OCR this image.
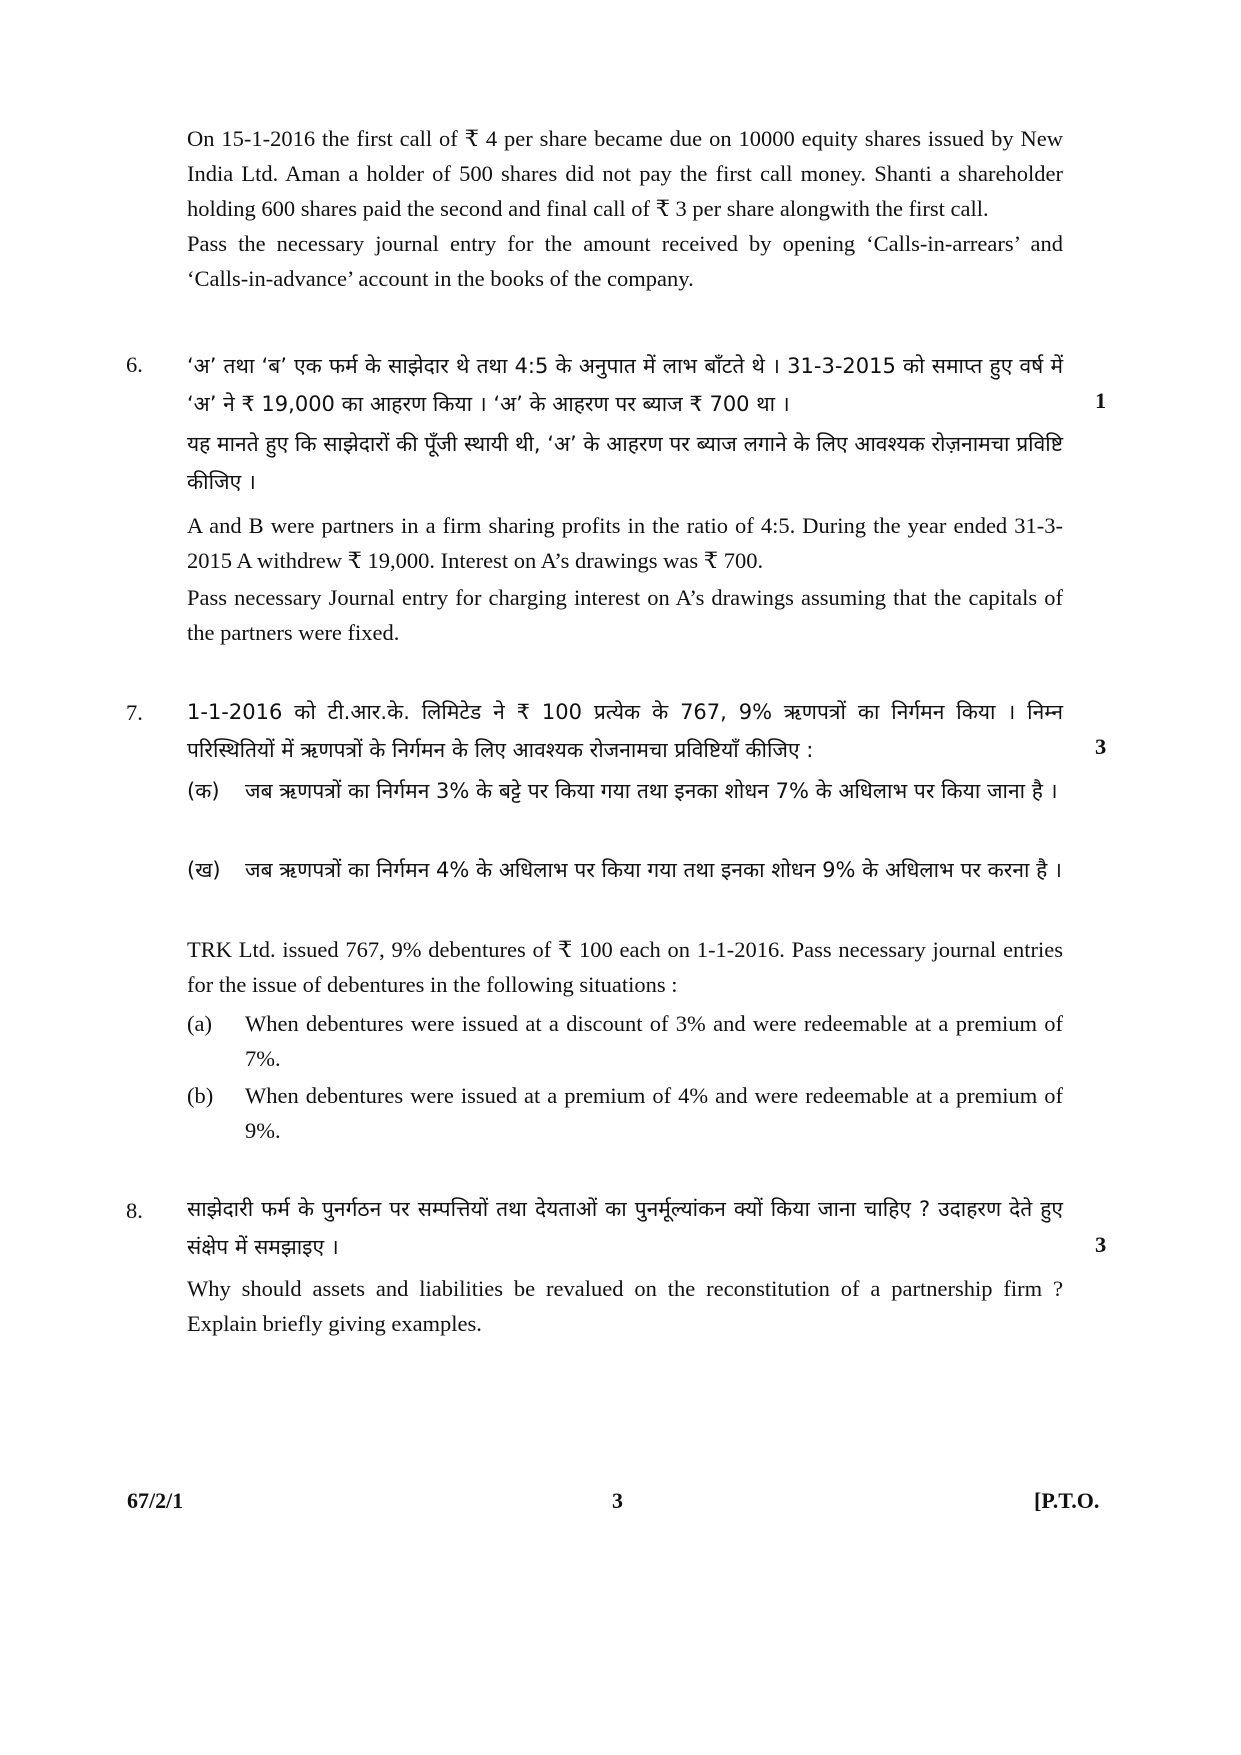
On 15-1-2016 the first call of ₹ 4 per share became due on 10000 equity shares issued by New India Ltd. Aman a holder of 500 shares did not pay the first call money. Shanti a shareholder holding 600 shares paid the second and final call of ₹ 3 per share alongwith the first call.

Pass the necessary journal entry for the amount received by opening ‘Calls-in-arrears’ and ‘Calls-in-advance’ account in the books of the company.

6.
1

‘अ’ तथा ‘ब’ एक फर्म के साझेदार थे तथा 4:5 के अनुपात में लाभ बाँटते थे । 31-3-2015 को समाप्त हुए वर्ष में ‘अ’ ने ₹ 19,000 का आहरण किया । ‘अ’ के आहरण पर ब्याज ₹ 700 था ।

यह मानते हुए कि साझेदारों की पूँजी स्थायी थी, ‘अ’ के आहरण पर ब्याज लगाने के लिए आवश्यक रोज़नामचा प्रविष्टि कीजिए ।

A and B were partners in a firm sharing profits in the ratio of 4:5. During the year ended 31-3-2015 A withdrew ₹ 19,000. Interest on A’s drawings was ₹ 700.

Pass necessary Journal entry for charging interest on A’s drawings assuming that the capitals of the partners were fixed.

7.
3

1-1-2016 को टी.आर.के. लिमिटेड ने ₹ 100 प्रत्येक के 767, 9% ऋणपत्रों का निर्गमन किया । निम्न परिस्थितियों में ऋणपत्रों के निर्गमन के लिए आवश्यक रोजनामचा प्रविष्टियाँ कीजिए :

(क) जब ऋणपत्रों का निर्गमन 3% के बट्टे पर किया गया तथा इनका शोधन 7% के अधिलाभ पर किया जाना है ।

(ख) जब ऋणपत्रों का निर्गमन 4% के अधिलाभ पर किया गया तथा इनका शोधन 9% के अधिलाभ पर करना है ।

TRK Ltd. issued 767, 9% debentures of ₹ 100 each on 1-1-2016. Pass necessary journal entries for the issue of debentures in the following situations :

(a) When debentures were issued at a discount of 3% and were redeemable at a premium of 7%.

(b) When debentures were issued at a premium of 4% and were redeemable at a premium of 9%.

8.
3

साझेदारी फर्म के पुनर्गठन पर सम्पत्तियों तथा देयताओं का पुनर्मूल्यांकन क्यों किया जाना चाहिए ? उदाहरण देते हुए संक्षेप में समझाइए ।

Why should assets and liabilities be revalued on the reconstitution of a partnership firm ? Explain briefly giving examples.

67/2/1	3	[P.T.O.
